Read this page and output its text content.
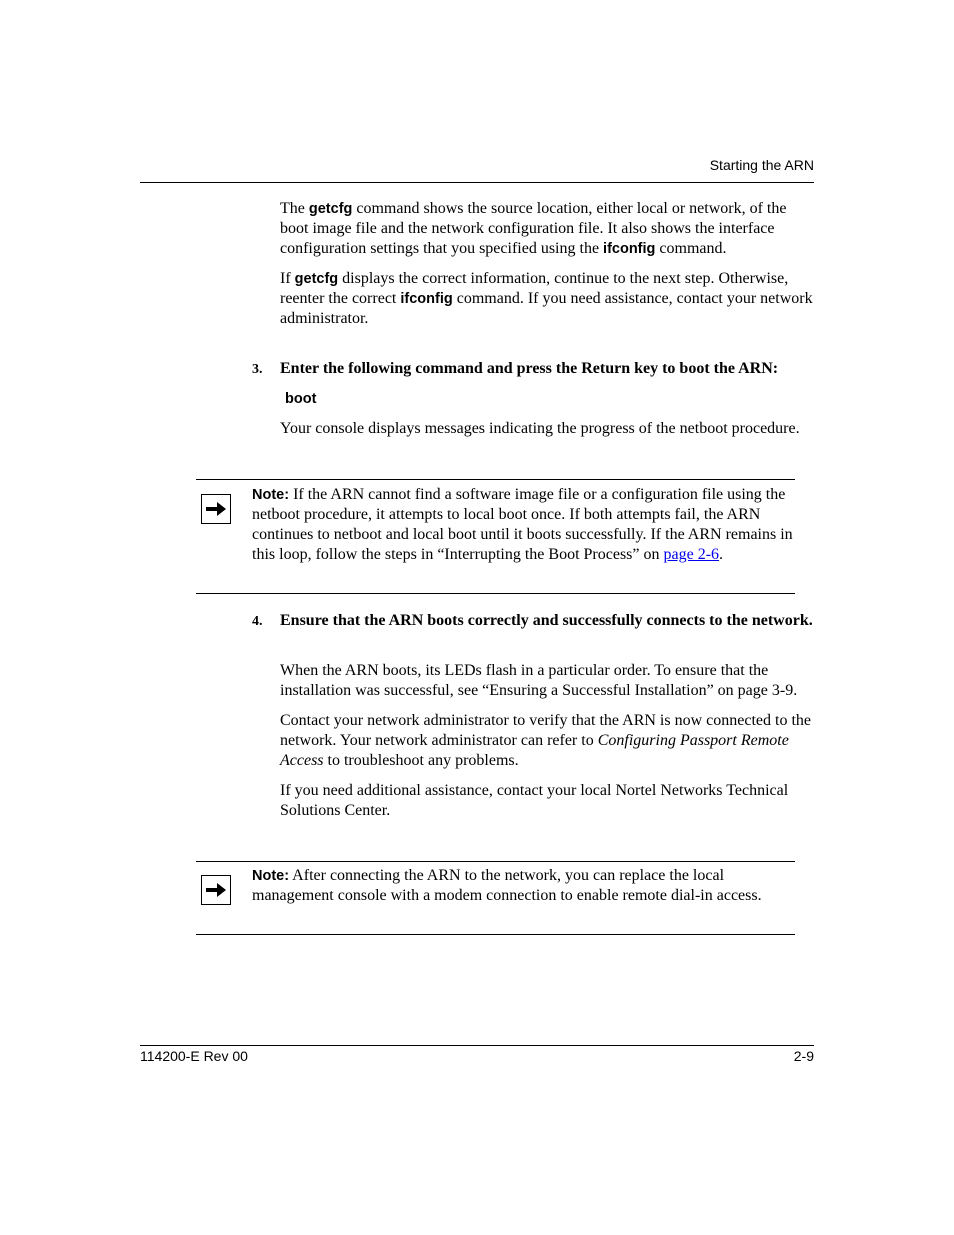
Starting the ARN

The getcfg command shows the source location, either local or network, of the boot image file and the network configuration file. It also shows the interface configuration settings that you specified using the ifconfig command.

If getcfg displays the correct information, continue to the next step. Otherwise, reenter the correct ifconfig command. If you need assistance, contact your network administrator.

3. Enter the following command and press the Return key to boot the ARN:
boot

Your console displays messages indicating the progress of the netboot procedure.

Note: If the ARN cannot find a software image file or a configuration file using the netboot procedure, it attempts to local boot once. If both attempts fail, the ARN continues to netboot and local boot until it boots successfully. If the ARN remains in this loop, follow the steps in “Interrupting the Boot Process” on page 2-6.
4. Ensure that the ARN boots correctly and successfully connects to the network.

When the ARN boots, its LEDs flash in a particular order. To ensure that the installation was successful, see “Ensuring a Successful Installation” on page 3-9.

Contact your network administrator to verify that the ARN is now connected to the network. Your network administrator can refer to Configuring Passport Remote Access to troubleshoot any problems.

If you need additional assistance, contact your local Nortel Networks Technical Solutions Center.

Note: After connecting the ARN to the network, you can replace the local management console with a modem connection to enable remote dial-in access.
114200-E Rev 00	2-9
